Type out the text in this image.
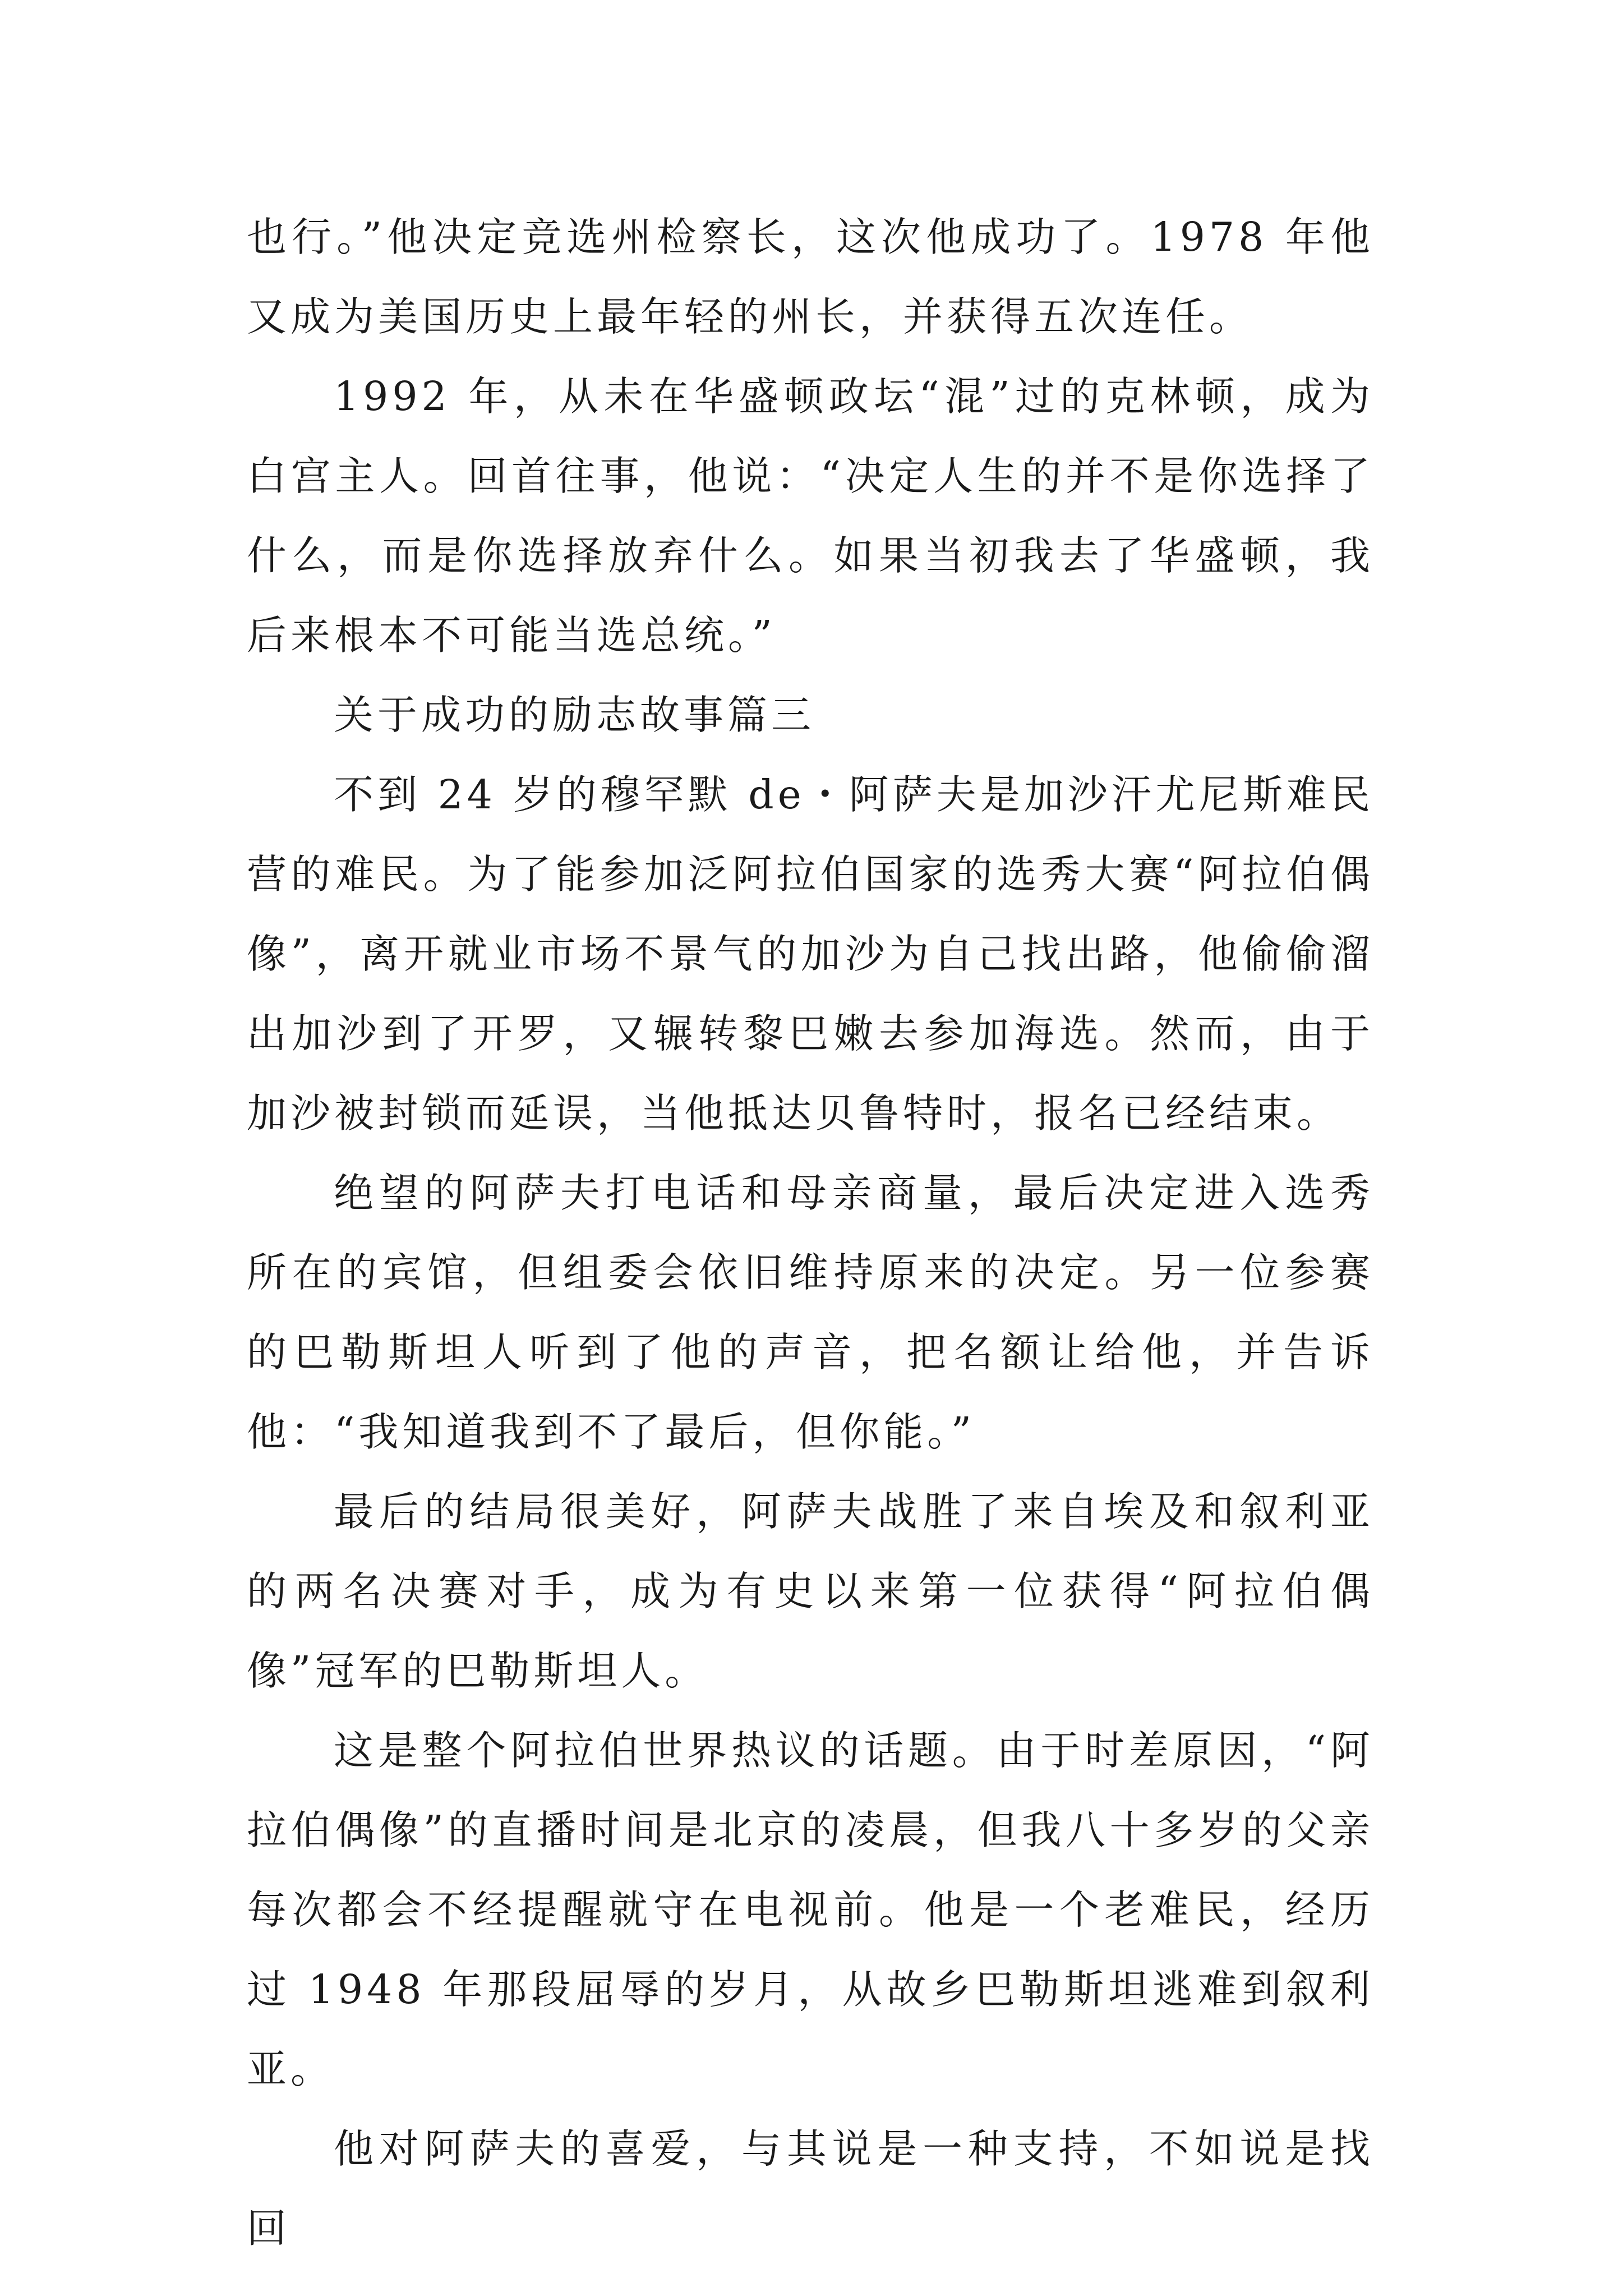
也行。”他决定竞选州检察长，这次他成功了。1978 年他又成为美国历史上最年轻的州长，并获得五次连任。

1992 年，从未在华盛顿政坛“混”过的克林顿，成为白宫主人。回首往事，他说：“决定人生的并不是你选择了什么，而是你选择放弃什么。如果当初我去了华盛顿，我后来根本不可能当选总统。”

关于成功的励志故事篇三

不到 24 岁的穆罕默 de・阿萨夫是加沙汗尤尼斯难民营的难民。为了能参加泛阿拉伯国家的选秀大赛“阿拉伯偶像”，离开就业市场不景气的加沙为自己找出路，他偷偷溜出加沙到了开罗，又辗转黎巴嫩去参加海选。然而，由于加沙被封锁而延误，当他抵达贝鲁特时，报名已经结束。

绝望的阿萨夫打电话和母亲商量，最后决定进入选秀所在的宾馆，但组委会依旧维持原来的决定。另一位参赛的巴勒斯坦人听到了他的声音，把名额让给他，并告诉他：“我知道我到不了最后，但你能。”

最后的结局很美好，阿萨夫战胜了来自埃及和叙利亚的两名决赛对手，成为有史以来第一位获得“阿拉伯偶像”冠军的巴勒斯坦人。

这是整个阿拉伯世界热议的话题。由于时差原因，“阿拉伯偶像”的直播时间是北京的凌晨，但我八十多岁的父亲每次都会不经提醒就守在电视前。他是一个老难民，经历过 1948 年那段屈辱的岁月，从故乡巴勒斯坦逃难到叙利亚。

他对阿萨夫的喜爱，与其说是一种支持，不如说是找回
